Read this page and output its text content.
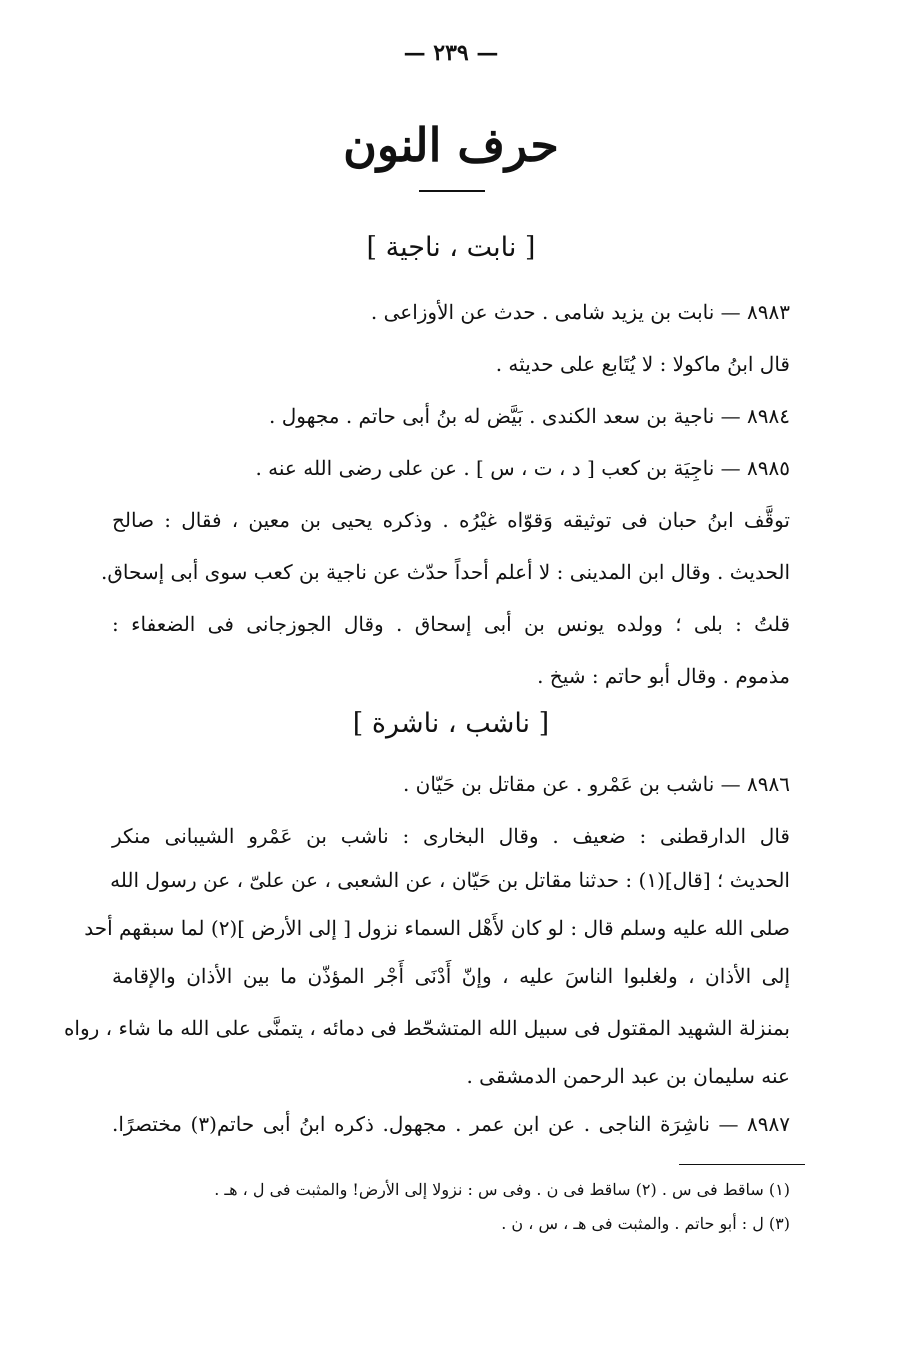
— ٢٣٩ —
حرف النون
[ نابت ، ناجية ]
٨٩٨٣ — نابت بن يزيد شامى . حدث عن الأوزاعى .
قال ابنُ ماكولا : لا يُتَابع على حديثه .
٨٩٨٤ — ناجية بن سعد الكندى . بَيَّض له بنُ أبى حاتم . مجهول .
٨٩٨٥ — ناجِيَة بن كعب [ د ، ت ، س ] . عن على رضى الله عنه .
توقَّف ابنُ حبان فى توثيقه وَقوّاه غيْرُه . وذكره يحيى بن معين ، فقال : صالح
الحديث . وقال ابن المدينى : لا أعلم أحداً حدّث عن ناجية بن كعب سوى أبى إسحاق.
قلتُ : بلى ؛ وولده يونس بن أبى إسحاق . وقال الجوزجانى فى الضعفاء :
مذموم . وقال أبو حاتم : شيخ .
[ ناشب ، ناشرة ]
٨٩٨٦ — ناشب بن عَمْرو . عن مقاتل بن حَيّان .
قال الدارقطنى : ضعيف . وقال البخارى : ناشب بن عَمْرو الشيبانى منكر
الحديث ؛ [قال](١) : حدثنا مقاتل بن حَيّان ، عن الشعبى ، عن علىّ ، عن رسول الله
صلى الله عليه وسلم قال : لو كان لأَهْل السماء نزول [ إلى الأرض ](٢) لما سبقهم أحد
إلى الأذان ، ولغلبوا الناسَ عليه ، وإنّ أَدْنَى أَجْر المؤذّن ما بين الأذان والإقامة
بمنزلة الشهيد المقتول فى سبيل الله المتشحّط فى دمائه ، يتمنَّى على الله ما شاء ، رواه
عنه سليمان بن عبد الرحمن الدمشقى .
٨٩٨٧ — ناشِرَة الناجى . عن ابن عمر . مجهول. ذكره ابنُ أبى حاتم(٣) مختصرًا.
(١) ساقط فى س . (٢) ساقط فى ن . وفى س : نزولا إلى الأرض! والمثبت فى ل ، هـ .
(٣) ل : أبو حاتم . والمثبت فى هـ ، س ، ن .
